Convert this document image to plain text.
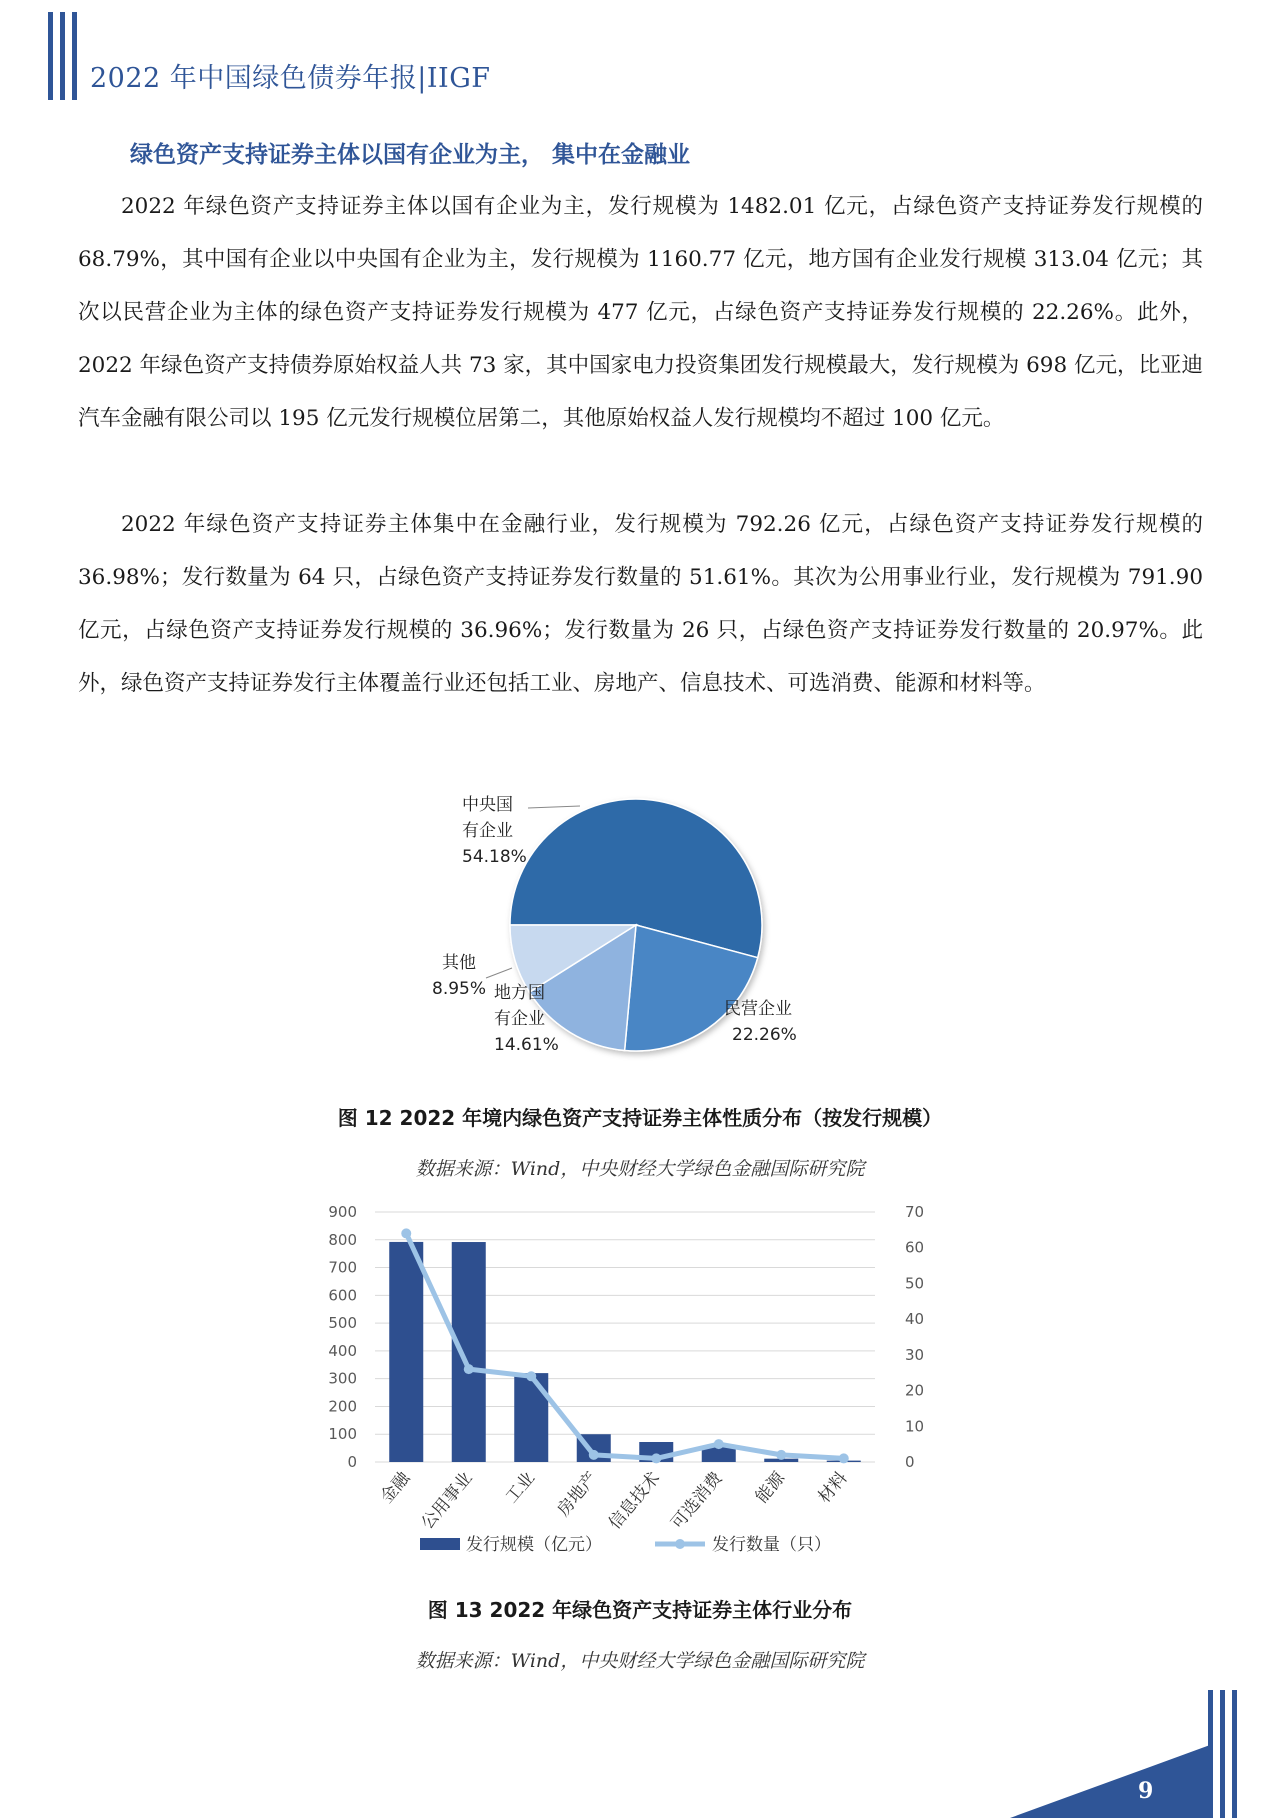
2022 年中国绿色债券年报|IIGF
绿色资产支持证券主体以国有企业为主， 集中在金融业

2022 年绿色资产支持证券主体以国有企业为主，发行规模为 1482.01 亿元，占绿色资产支持证券发行规模的 68.79%，其中国有企业以中央国有企业为主，发行规模为 1160.77 亿元，地方国有企业发行规模 313.04 亿元；其次以民营企业为主体的绿色资产支持证券发行规模为 477 亿元，占绿色资产支持证券发行规模的 22.26%。此外，2022 年绿色资产支持债券原始权益人共 73 家，其中国家电力投资集团发行规模最大，发行规模为 698 亿元，比亚迪汽车金融有限公司以 195 亿元发行规模位居第二，其他原始权益人发行规模均不超过 100 亿元。

2022 年绿色资产支持证券主体集中在金融行业，发行规模为 792.26 亿元，占绿色资产支持证券发行规模的 36.98%；发行数量为 64 只，占绿色资产支持证券发行数量的 51.61%。其次为公用事业行业，发行规模为 791.90 亿元，占绿色资产支持证券发行规模的 36.96%；发行数量为 26 只，占绿色资产支持证券发行数量的 20.97%。此外，绿色资产支持证券发行主体覆盖行业还包括工业、房地产、信息技术、可选消费、能源和材料等。

中央国
有企业
54.18%
民营企业
22.26%
地方国
有企业
14.61%
其他
8.95%
图 12 2022 年境内绿色资产支持证券主体性质分布（按发行规模）
数据来源：Wind，中央财经大学绿色金融国际研究院
0
100
200
300
400
500
600
700
800
900
0
10
20
30
40
50
60
70
金融 公用事业 工业 房地产 信息技术 可选消费 能源 材料
发行规模（亿元）	发行数量（只）
图 13 2022 年绿色资产支持证券主体行业分布
数据来源：Wind，中央财经大学绿色金融国际研究院
9
